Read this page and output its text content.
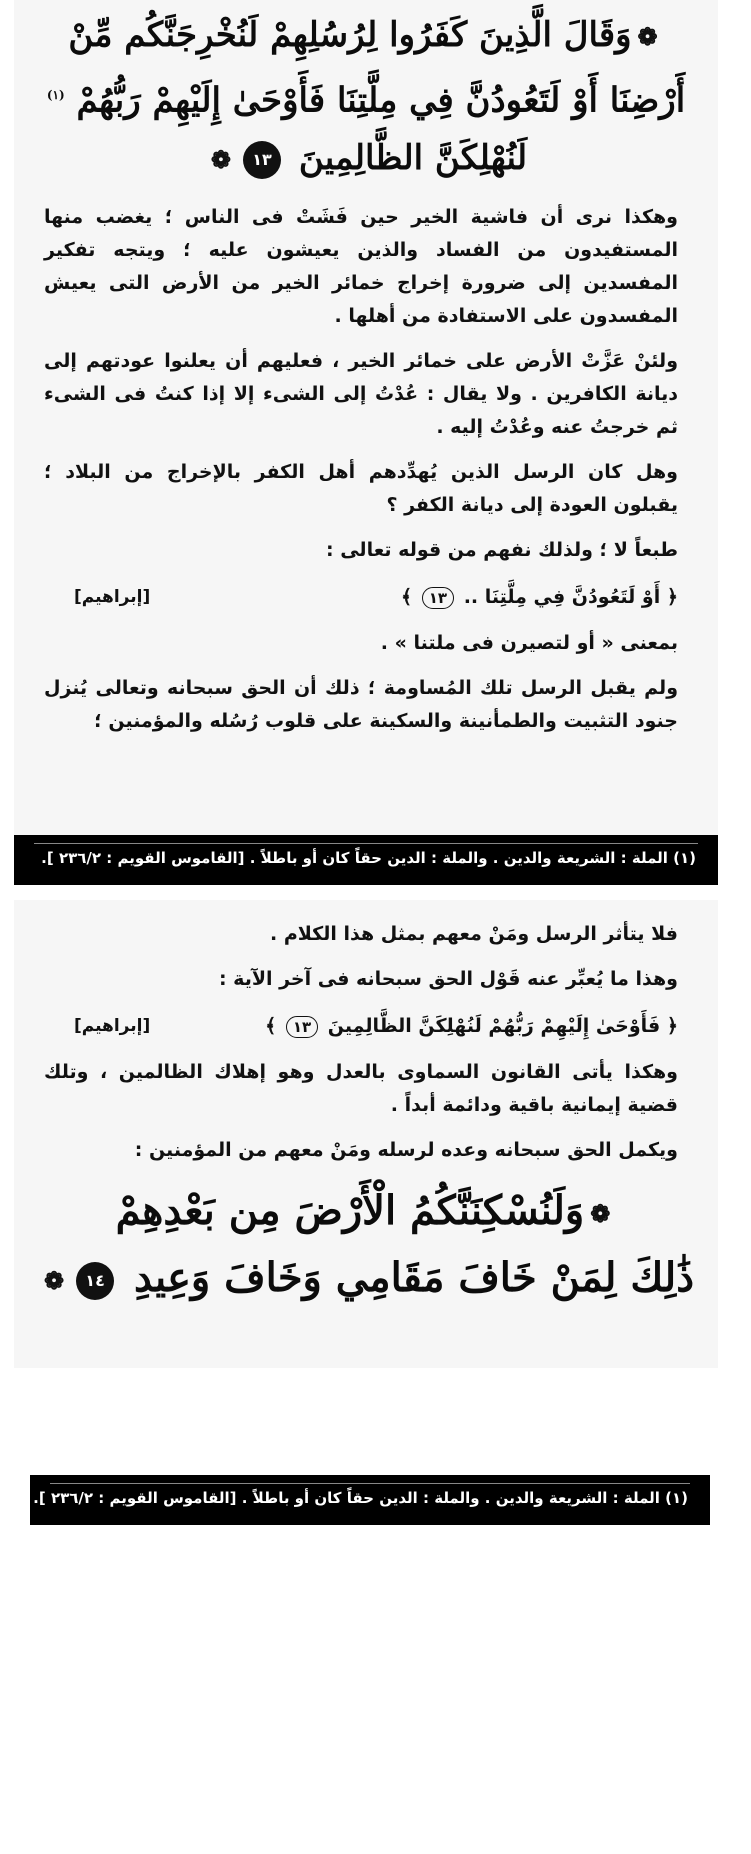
❁وَقَالَ الَّذِينَ كَفَرُوا لِرُسُلِهِمْ لَنُخْرِجَنَّكُم مِّنْ
أَرْضِنَا أَوْ لَتَعُودُنَّ فِي مِلَّتِنَا فَأَوْحَىٰ إِلَيْهِمْ رَبُّهُمْ $^{(١)}$
لَنُهْلِكَنَّ الظَّالِمِينَ ١٣❁

وهكذا نرى أن فاشية الخير حين فَشَتْ فى الناس ؛ يغضب منها المستفيدون من الفساد والذين يعيشون عليه ؛ ويتجه تفكير المفسدين إلى ضرورة إخراج خمائر الخير من الأرض التى يعيش المفسدون على الاستفادة من أهلها .

ولئنْ عَزَّتْ الأرض على خمائر الخير ، فعليهم أن يعلنوا عودتهم إلى ديانة الكافرين . ولا يقال : عُدْتُ إلى الشىء إلا إذا كنتُ فى الشىء ثم خرجتُ عنه وعُدْتُ إليه .

وهل كان الرسل الذين يُهدِّدهم أهل الكفر بالإخراج من البلاد ؛ يقبلون العودة إلى ديانة الكفر ؟

طبعاً لا ؛ ولذلك نفهم من قوله تعالى :

﴿ أَوْ لَتَعُودُنَّ فِي مِلَّتِنَا .. ١٣ ﴾
[إبراهيم]

بمعنى « أو لتصيرن فى ملتنا » .

ولم يقبل الرسل تلك المُساومة ؛ ذلك أن الحق سبحانه وتعالى يُنزل جنود التثبيت والطمأنينة والسكينة على قلوب رُسُله والمؤمنين ؛

(١) الملة : الشريعة والدين . والملة : الدين حقاً كان أو باطلاً . [القاموس القويم : ٢٣٦/٢ ].

فلا يتأثر الرسل ومَنْ معهم بمثل هذا الكلام .

وهذا ما يُعبِّر عنه قَوْل الحق سبحانه فى آخر الآية :

﴿ فَأَوْحَىٰ إِلَيْهِمْ رَبُّهُمْ لَنُهْلِكَنَّ الظَّالِمِينَ ١٣ ﴾
[إبراهيم]

وهكذا يأتى القانون السماوى بالعدل وهو إهلاك الظالمين ، وتلك قضية إيمانية باقية ودائمة أبداً .

ويكمل الحق سبحانه وعده لرسله ومَنْ معهم من المؤمنين :

❁وَلَنُسْكِنَنَّكُمُ الْأَرْضَ مِن بَعْدِهِمْ
ذَٰلِكَ لِمَنْ خَافَ مَقَامِي وَخَافَ وَعِيدِ ١٤❁
(١) الملة : الشريعة والدين . والملة : الدين حقاً كان أو باطلاً . [القاموس القويم : ٢٣٦/٢ ].
